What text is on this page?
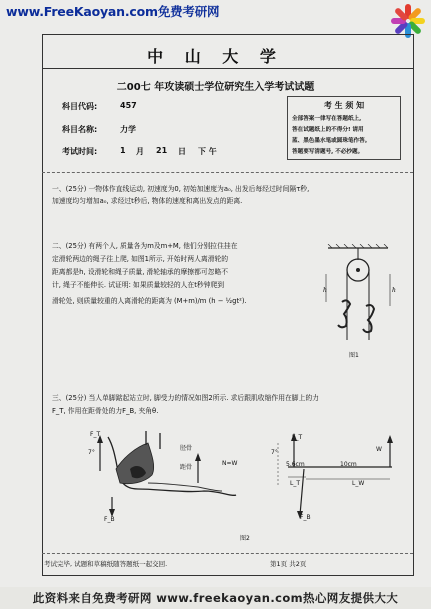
www.FreeKaoyan.com免费考研网
中 山 大 学
二00七 年攻读硕士学位研究生入学考试试题
科目代码:	457
科目名称:	力学
考试时间:	1 月 21 日 下 午
考 生 须 知
全部答案一律写在答题纸上,
答在试题纸上的不得分! 请用
蓝、黑色墨水笔或圆珠笔作答。
答题要写清题号, 不必抄题。
一、(25分) 一物体作直线运动, 初速度为0, 初始加速度为a₀, 出发后每经过时间隔τ秒,
加速度均匀增加a₀, 求经过t秒后, 物体的速度和离出发点的距离.
二、(25分) 有两个人, 质量各为m及m+M, 他们分别拉住挂在
定滑轮两边的绳子往上爬, 如图1所示, 开始时两人离滑轮的
距离都是h, 设滑轮和绳子质量, 滑轮轴承的摩擦都可忽略不
计, 绳子不能伸长. 试证明: 如果质量较轻的人在t秒钟爬到
滑轮处, 则质量较重的人离滑轮的距离为 (M+m)/m (h − ½gt²).
h	h
图1
三、(25分) 当人单脚踮起站立时, 脚受力的情况如图2所示. 求后跟肌收缩作用在脚上的力
F_T, 作用在距骨处的力F_B, 夹角θ.
F_T
7°
胫骨
距骨
N=W
F_B
F_T
7°	W
5.6cm	10cm
L_T	L_W
F_B
图2
考试完毕, 试题和草稿纸随答题纸一起交回.	第1页 共2页
此资料来自免费考研网 www.freekaoyan.com热心网友提供大大
